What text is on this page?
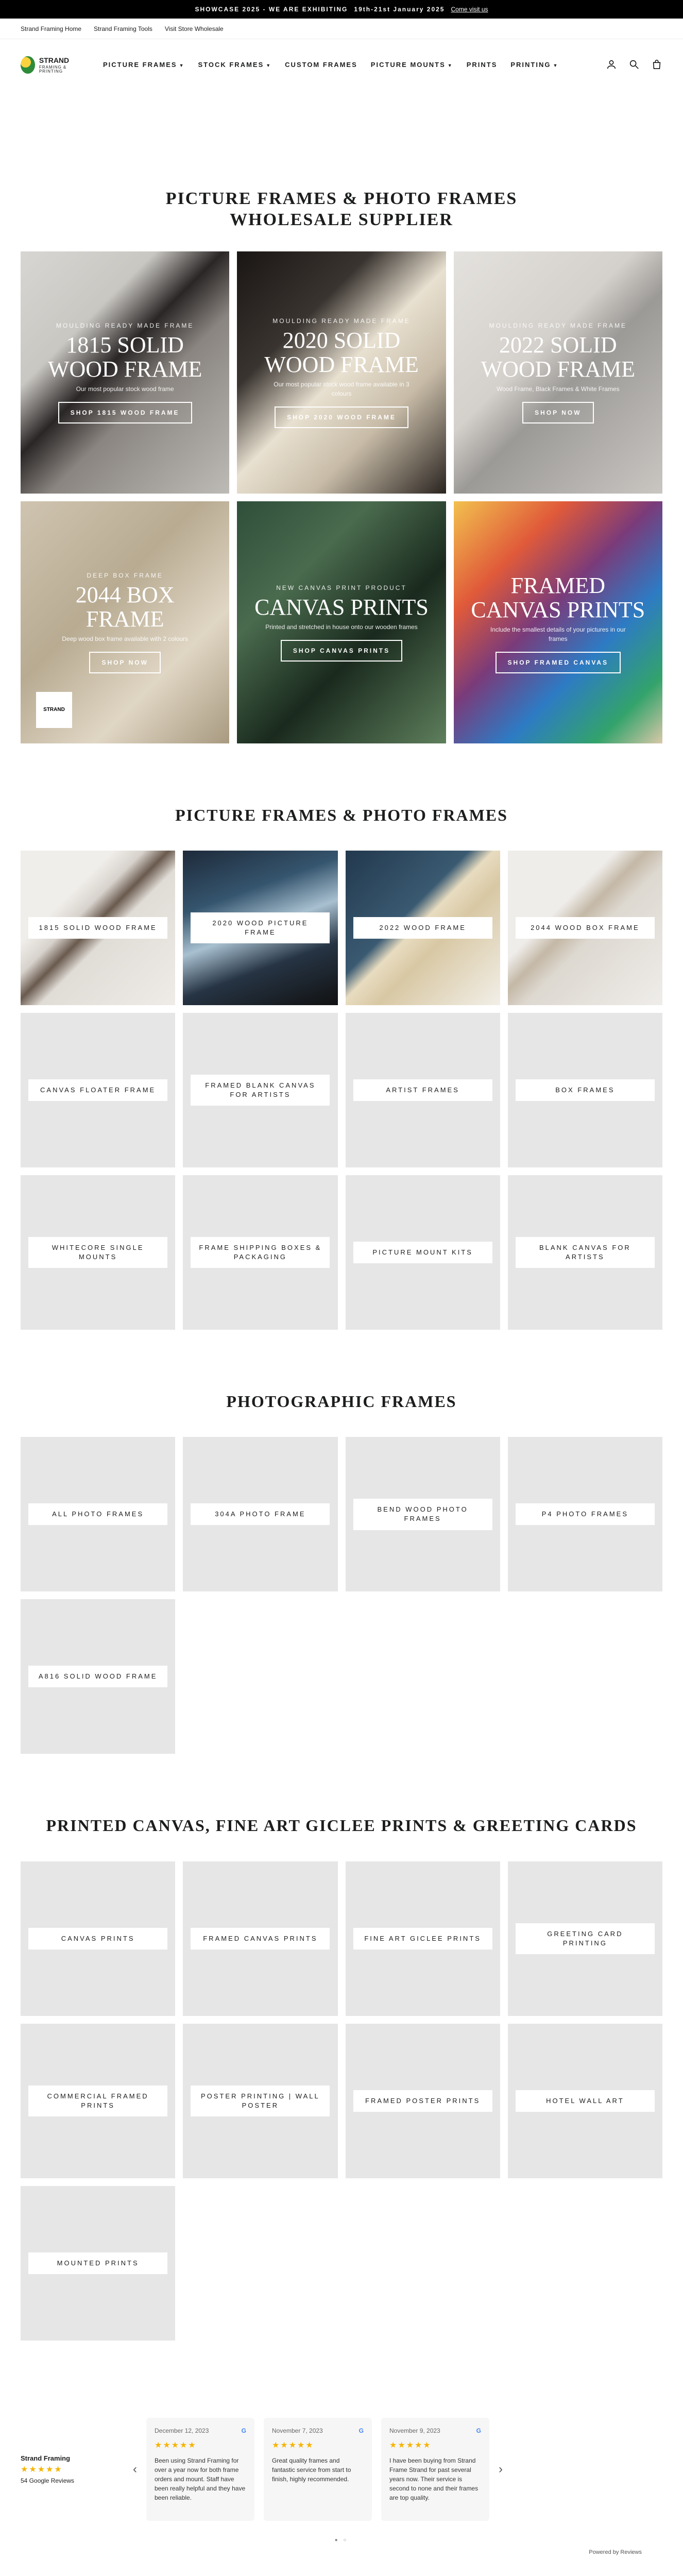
SHOWCASE 2025 - WE ARE EXHIBITING 19th-21st January 2025 Come visit us
Strand Framing Home Strand Framing Tools Visit Store Wholesale
STRAND
FRAMING & PRINTING
PICTURE FRAMES ▼ STOCK FRAMES ▼ CUSTOM FRAMES PICTURE MOUNTS ▼ PRINTS PRINTING ▼
PICTURE FRAMES & PHOTO FRAMES WHOLESALE SUPPLIER
MOULDING READY MADE FRAME
1815 SOLID WOOD FRAME
Our most popular stock wood frame
SHOP 1815 WOOD FRAME
MOULDING READY MADE FRAME
2020 SOLID WOOD FRAME
Our most popular stock wood frame available in 3 colours
SHOP 2020 WOOD FRAME
MOULDING READY MADE FRAME
2022 SOLID WOOD FRAME
Wood Frame, Black Frames & White Frames
SHOP NOW
DEEP BOX FRAME
2044 BOX FRAME
Deep wood box frame available with 2 colours
SHOP NOW
STRAND
NEW CANVAS PRINT PRODUCT
CANVAS PRINTS
Printed and stretched in house onto our wooden frames
SHOP CANVAS PRINTS
FRAMED CANVAS PRINTS
Include the smallest details of your pictures in our frames
SHOP FRAMED CANVAS
PICTURE FRAMES & PHOTO FRAMES
1815 SOLID WOOD FRAME
2020 WOOD PICTURE FRAME
2022 WOOD FRAME	2044 WOOD BOX FRAME
CANVAS FLOATER FRAME
FRAMED BLANK CANVAS FOR ARTISTS
ARTIST FRAMES	BOX FRAMES
WHITECORE SINGLE MOUNTS
FRAME SHIPPING BOXES & PACKAGING
PICTURE MOUNT KITS
BLANK CANVAS FOR ARTISTS
PHOTOGRAPHIC FRAMES
ALL PHOTO FRAMES	304A PHOTO FRAME
BEND WOOD PHOTO FRAMES
P4 PHOTO FRAMES
A816 SOLID WOOD FRAME
PRINTED CANVAS, FINE ART GICLEE PRINTS & GREETING CARDS
CANVAS PRINTS	FRAMED CANVAS PRINTS	FINE ART GICLEE PRINTS
GREETING CARD PRINTING
COMMERCIAL FRAMED PRINTS
POSTER PRINTING | WALL POSTER
FRAMED POSTER PRINTS	HOTEL WALL ART
MOUNTED PRINTS
Strand Framing
★★★★★
54 Google Reviews
‹
December 12, 2023	G
★★★★★
Been using Strand Framing for over a year now for both frame orders and mount. Staff have been really helpful and they have been reliable.
November 7, 2023	G
★★★★★
Great quality frames and fantastic service from start to finish, highly recommended.
November 9, 2023	G
★★★★★
I have been buying from Strand Frame Strand for past several years now. Their service is second to none and their frames are top quality.
›
● ○
Powered by Reviews
